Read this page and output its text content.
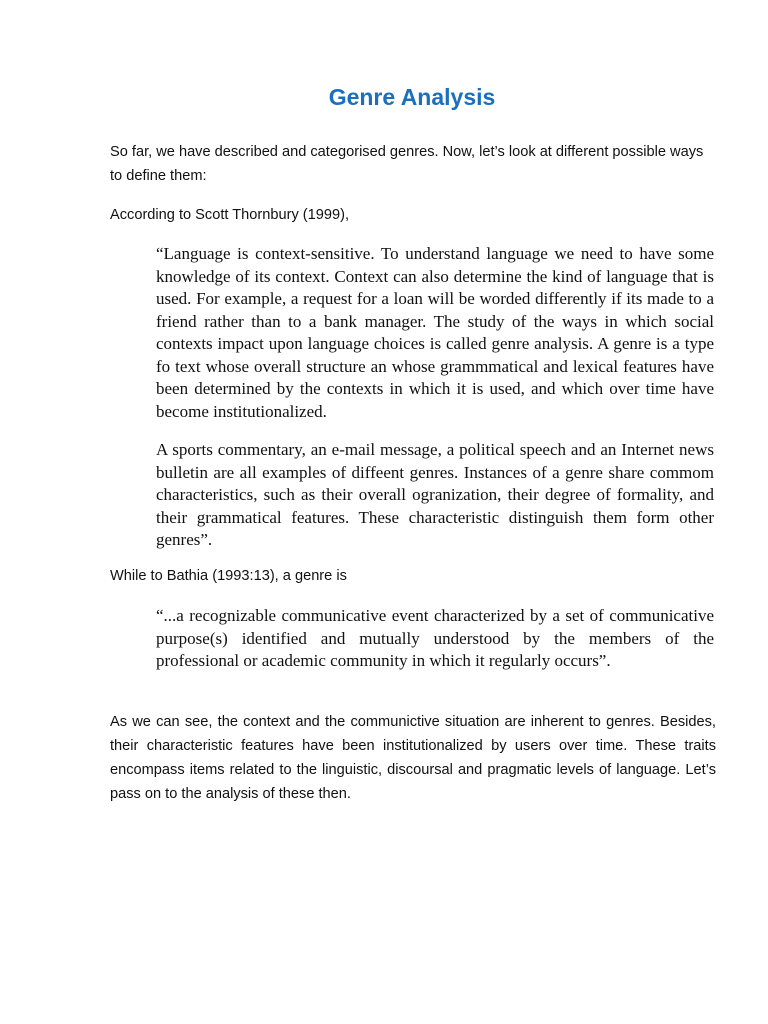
Genre Analysis

So far, we have described and categorised genres. Now, let’s look at different possible ways to define them:

According to Scott Thornbury (1999),

“Language is context-sensitive. To understand language we need to have some knowledge of its context. Context can also determine the kind of language that is used. For example, a request for a loan will be worded differently if its made to a friend rather than to a bank manager. The study of the ways in which social contexts impact upon language choices is called genre analysis. A genre is a type fo text whose overall structure an whose grammmatical and lexical features have been determined by the contexts in which it is used, and which over time have become institutionalized.

A sports commentary, an e-mail message, a political speech and an Internet news bulletin are all examples of diffeent genres. Instances of a genre share commom characteristics, such as their overall ogranization, their degree of formality, and their grammatical features. These characteristic distinguish them form other genres”.

While to Bathia (1993:13), a genre is

“...a recognizable communicative event characterized by a set of communicative purpose(s) identified and mutually understood by the members of the professional or academic community in which it regularly occurs”.

As we can see, the context and the communictive situation are inherent to genres. Besides, their characteristic features have been institutionalized by users over time. These traits encompass items related to the linguistic, discoursal and pragmatic levels of language. Let’s pass on to the analysis of these then.
